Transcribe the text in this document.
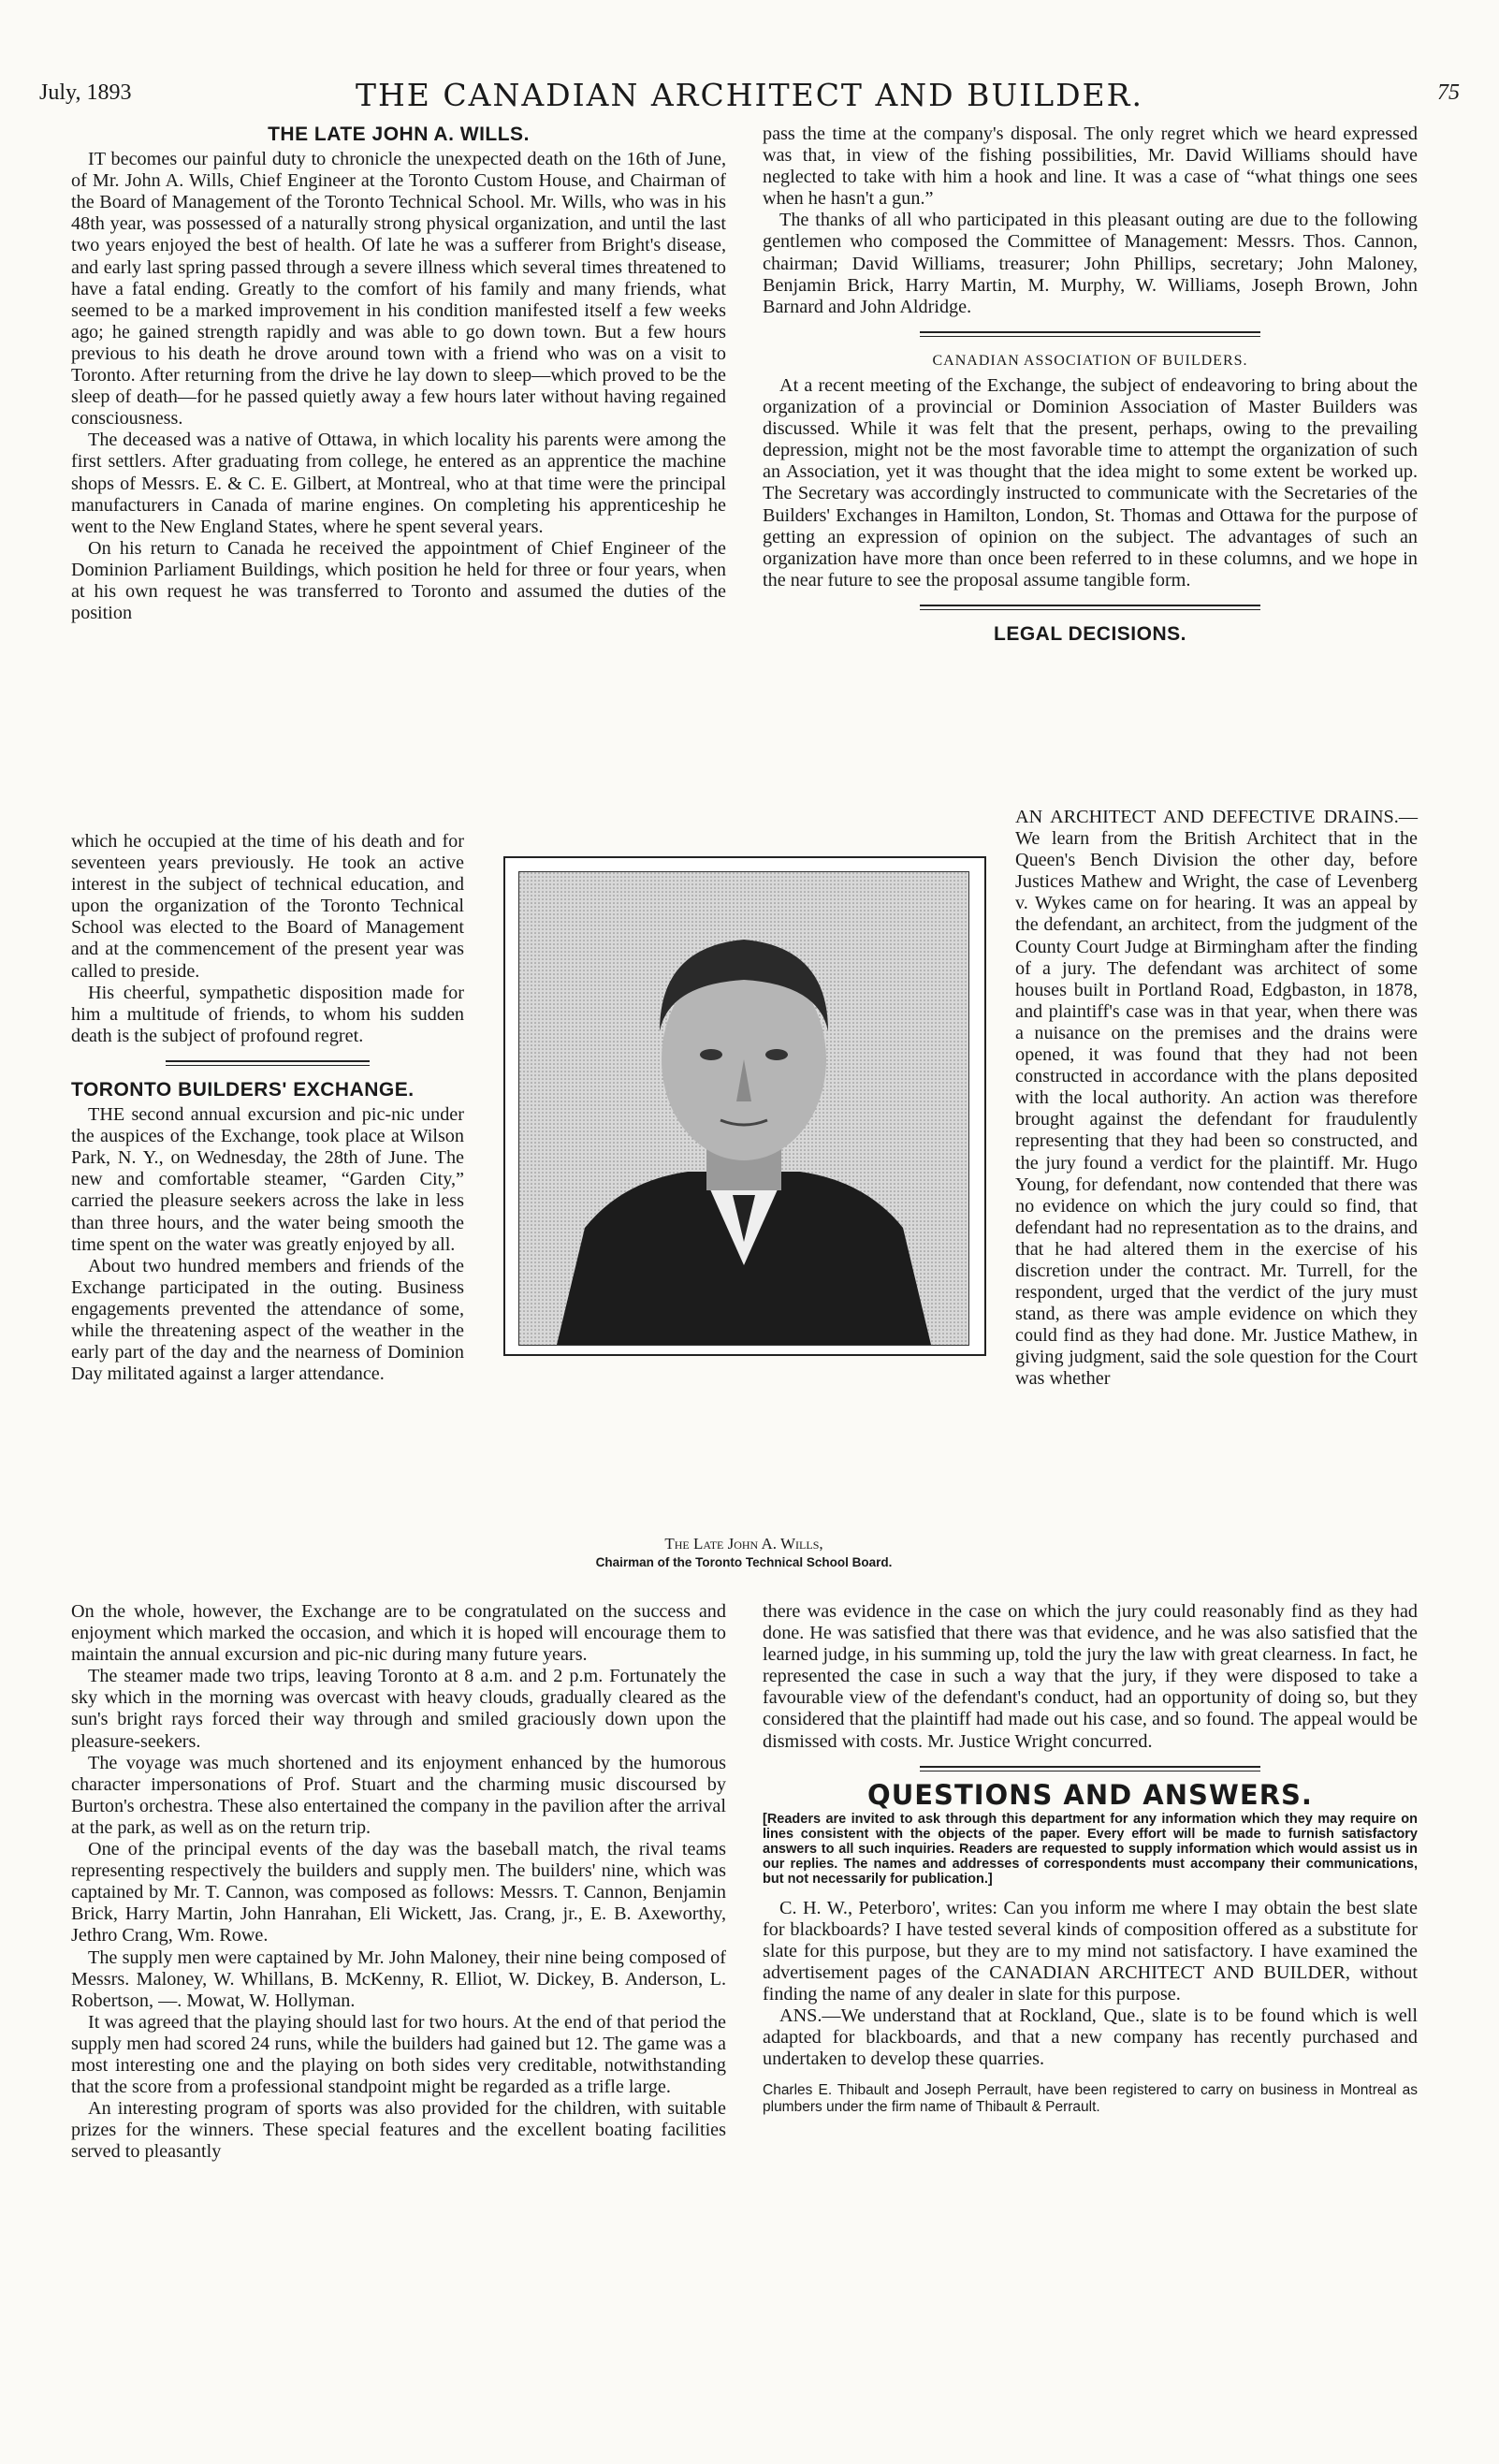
July, 1893	THE CANADIAN ARCHITECT AND BUILDER.	75
THE LATE JOHN A. WILLS.

IT becomes our painful duty to chronicle the unexpected death on the 16th of June, of Mr. John A. Wills, Chief Engineer at the Toronto Custom House, and Chairman of the Board of Management of the Toronto Technical School. Mr. Wills, who was in his 48th year, was possessed of a naturally strong physical organization, and until the last two years enjoyed the best of health. Of late he was a sufferer from Bright's disease, and early last spring passed through a severe illness which several times threatened to have a fatal ending. Greatly to the comfort of his family and many friends, what seemed to be a marked improvement in his condition manifested itself a few weeks ago; he gained strength rapidly and was able to go down town. But a few hours previous to his death he drove around town with a friend who was on a visit to Toronto. After returning from the drive he lay down to sleep—which proved to be the sleep of death—for he passed quietly away a few hours later without having regained consciousness.

The deceased was a native of Ottawa, in which locality his parents were among the first settlers. After graduating from college, he entered as an apprentice the machine shops of Messrs. E. & C. E. Gilbert, at Montreal, who at that time were the principal manufacturers in Canada of marine engines. On completing his apprenticeship he went to the New England States, where he spent several years.

On his return to Canada he received the appointment of Chief Engineer of the Dominion Parliament Buildings, which position he held for three or four years, when at his own request he was transferred to Toronto and assumed the duties of the position

which he occupied at the time of his death and for seventeen years previously. He took an active interest in the subject of technical education, and upon the organization of the Toronto Technical School was elected to the Board of Management and at the commencement of the present year was called to preside.

His cheerful, sympathetic disposition made for him a multitude of friends, to whom his sudden death is the subject of profound regret.

TORONTO BUILDERS' EXCHANGE.

THE second annual excursion and pic-nic under the auspices of the Exchange, took place at Wilson Park, N. Y., on Wednesday, the 28th of June. The new and comfortable steamer, “Garden City,” carried the pleasure seekers across the lake in less than three hours, and the water being smooth the time spent on the water was greatly enjoyed by all.

About two hundred members and friends of the Exchange participated in the outing. Business engagements prevented the attendance of some, while the threatening aspect of the weather in the early part of the day and the nearness of Dominion Day militated against a larger attendance.

On the whole, however, the Exchange are to be congratulated on the success and enjoyment which marked the occasion, and which it is hoped will encourage them to maintain the annual excursion and pic-nic during many future years.

The steamer made two trips, leaving Toronto at 8 a.m. and 2 p.m. Fortunately the sky which in the morning was overcast with heavy clouds, gradually cleared as the sun's bright rays forced their way through and smiled graciously down upon the pleasure-seekers.

The voyage was much shortened and its enjoyment enhanced by the humorous character impersonations of Prof. Stuart and the charming music discoursed by Burton's orchestra. These also entertained the company in the pavilion after the arrival at the park, as well as on the return trip.

One of the principal events of the day was the baseball match, the rival teams representing respectively the builders and supply men. The builders' nine, which was captained by Mr. T. Cannon, was composed as follows: Messrs. T. Cannon, Benjamin Brick, Harry Martin, John Hanrahan, Eli Wickett, Jas. Crang, jr., E. B. Axeworthy, Jethro Crang, Wm. Rowe.

The supply men were captained by Mr. John Maloney, their nine being composed of Messrs. Maloney, W. Whillans, B. McKenny, R. Elliot, W. Dickey, B. Anderson, L. Robertson, —. Mowat, W. Hollyman.

It was agreed that the playing should last for two hours. At the end of that period the supply men had scored 24 runs, while the builders had gained but 12. The game was a most interesting one and the playing on both sides very creditable, notwithstanding that the score from a professional standpoint might be regarded as a trifle large.

An interesting program of sports was also provided for the children, with suitable prizes for the winners. These special features and the excellent boating facilities served to pleasantly

The Late John A. Wills,
Chairman of the Toronto Technical School Board.

pass the time at the company's disposal. The only regret which we heard expressed was that, in view of the fishing possibilities, Mr. David Williams should have neglected to take with him a hook and line. It was a case of “what things one sees when he hasn't a gun.”

The thanks of all who participated in this pleasant outing are due to the following gentlemen who composed the Committee of Management: Messrs. Thos. Cannon, chairman; David Williams, treasurer; John Phillips, secretary; John Maloney, Benjamin Brick, Harry Martin, M. Murphy, W. Williams, Joseph Brown, John Barnard and John Aldridge.

CANADIAN ASSOCIATION OF BUILDERS.

At a recent meeting of the Exchange, the subject of endeavoring to bring about the organization of a provincial or Dominion Association of Master Builders was discussed. While it was felt that the present, perhaps, owing to the prevailing depression, might not be the most favorable time to attempt the organization of such an Association, yet it was thought that the idea might to some extent be worked up. The Secretary was accordingly instructed to communicate with the Secretaries of the Builders' Exchanges in Hamilton, London, St. Thomas and Ottawa for the purpose of getting an expression of opinion on the subject. The advantages of such an organization have more than once been referred to in these columns, and we hope in the near future to see the proposal assume tangible form.

LEGAL DECISIONS.

AN ARCHITECT AND DEFECTIVE DRAINS.—We learn from the British Architect that in the Queen's Bench Division the other day, before Justices Mathew and Wright, the case of Levenberg v. Wykes came on for hearing. It was an appeal by the defendant, an architect, from the judgment of the County Court Judge at Birmingham after the finding of a jury. The defendant was architect of some houses built in Portland Road, Edgbaston, in 1878, and plaintiff's case was in that year, when there was a nuisance on the premises and the drains were opened, it was found that they had not been constructed in accordance with the plans deposited with the local authority. An action was therefore brought against the defendant for fraudulently representing that they had been so constructed, and the jury found a verdict for the plaintiff. Mr. Hugo Young, for defendant, now contended that there was no evidence on which the jury could so find, that defendant had no representation as to the drains, and that he had altered them in the exercise of his discretion under the contract. Mr. Turrell, for the respondent, urged that the verdict of the jury must stand, as there was ample evidence on which they could find as they had done. Mr. Justice Mathew, in giving judgment, said the sole question for the Court was whether

there was evidence in the case on which the jury could reasonably find as they had done. He was satisfied that there was that evidence, and he was also satisfied that the learned judge, in his summing up, told the jury the law with great clearness. In fact, he represented the case in such a way that the jury, if they were disposed to take a favourable view of the defendant's conduct, had an opportunity of doing so, but they considered that the plaintiff had made out his case, and so found. The appeal would be dismissed with costs. Mr. Justice Wright concurred.

QUESTIONS AND ANSWERS.
[Readers are invited to ask through this department for any information which they may require on lines consistent with the objects of the paper. Every effort will be made to furnish satisfactory answers to all such inquiries. Readers are requested to supply information which would assist us in our replies. The names and addresses of correspondents must accompany their communications, but not necessarily for publication.]

C. H. W., Peterboro', writes: Can you inform me where I may obtain the best slate for blackboards? I have tested several kinds of composition offered as a substitute for slate for this purpose, but they are to my mind not satisfactory. I have examined the advertisement pages of the CANADIAN ARCHITECT AND BUILDER, without finding the name of any dealer in slate for this purpose.

ANS.—We understand that at Rockland, Que., slate is to be found which is well adapted for blackboards, and that a new company has recently purchased and undertaken to develop these quarries.

Charles E. Thibault and Joseph Perrault, have been registered to carry on business in Montreal as plumbers under the firm name of Thibault & Perrault.
